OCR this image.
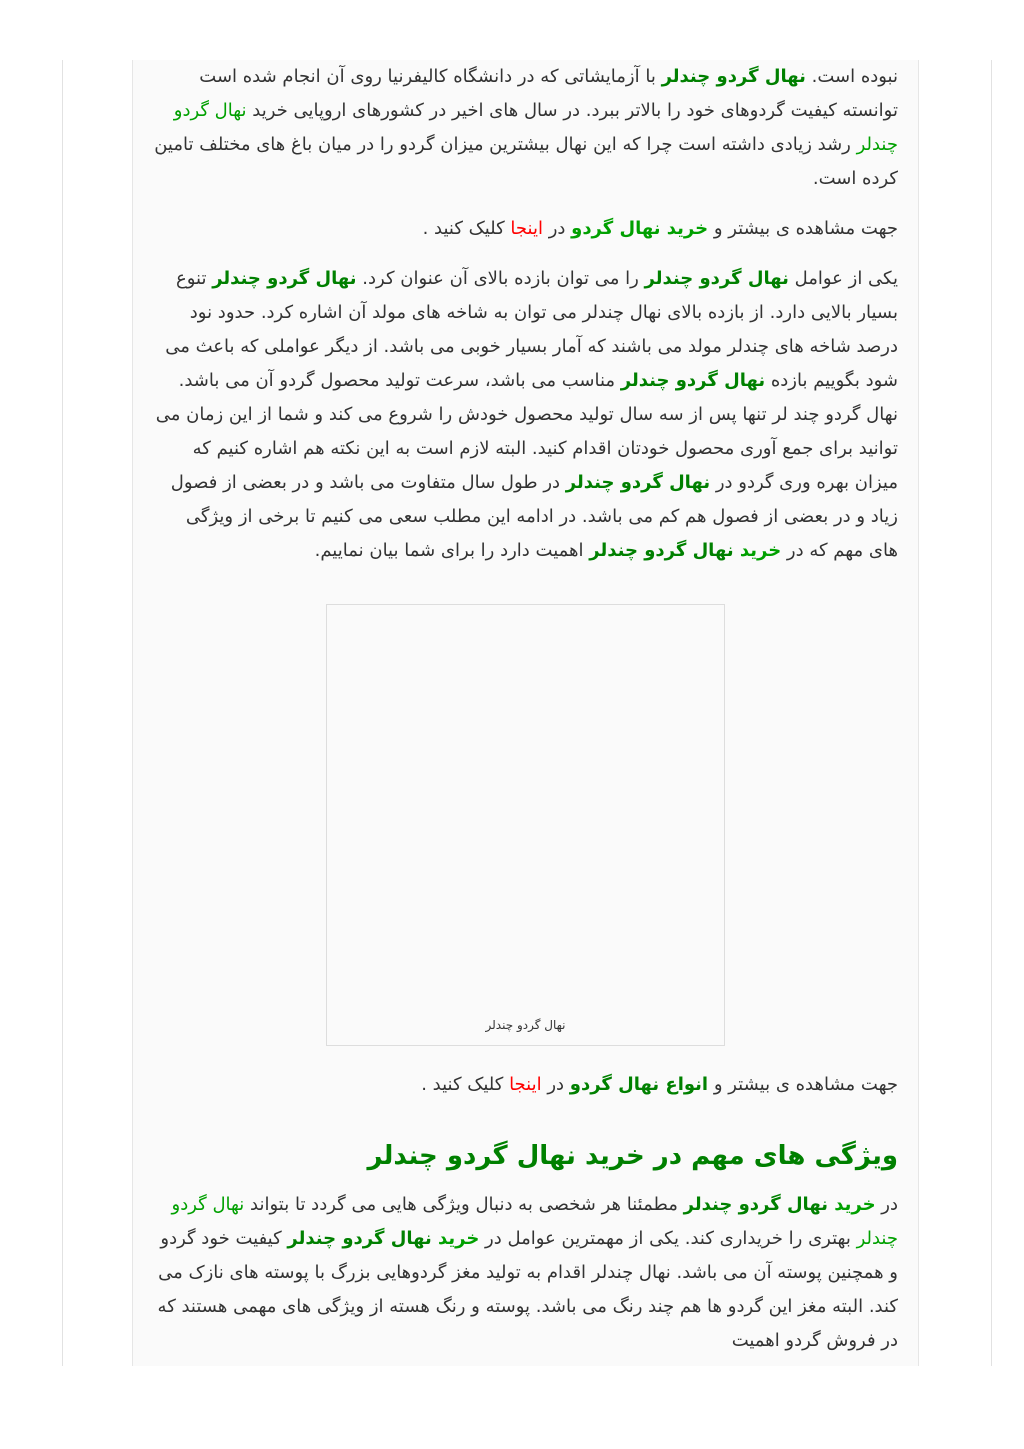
نبوده است. نهال گردو چندلر با آزمایشاتی که در دانشگاه کالیفرنیا روی آن انجام شده است توانسته کیفیت گردوهای خود را بالاتر ببرد. در سال های اخیر در کشورهای اروپایی خرید نهال گردو چندلر رشد زیادی داشته است چرا که این نهال بیشترین میزان گردو را در میان باغ های مختلف تامین کرده است.

جهت مشاهده ی بیشتر و خرید نهال گردو در اینجا کلیک کنید .

یکی از عوامل نهال گردو چندلر را می توان بازده بالای آن عنوان کرد. نهال گردو چندلر تنوع بسیار بالایی دارد. از بازده بالای نهال چندلر می توان به شاخه های مولد آن اشاره کرد. حدود نود درصد شاخه های چندلر مولد می باشند که آمار بسیار خوبی می باشد. از دیگر عواملی که باعث می شود بگوییم بازده نهال گردو چندلر مناسب می باشد، سرعت تولید محصول گردو آن می باشد. نهال گردو چند لر تنها پس از سه سال تولید محصول خودش را شروع می کند و شما از این زمان می توانید برای جمع آوری محصول خودتان اقدام کنید. البته لازم است به این نکته هم اشاره کنیم که میزان بهره وری گردو در نهال گردو چندلر در طول سال متفاوت می باشد و در بعضی از فصول زیاد و در بعضی از فصول هم کم می باشد. در ادامه این مطلب سعی می کنیم تا برخی از ویژگی های مهم که در خرید نهال گردو چندلر اهمیت دارد را برای شما بیان نماییم.

نهال گردو چندلر

جهت مشاهده ی بیشتر و انواع نهال گردو در اینجا کلیک کنید .

ویژگی های مهم در خرید نهال گردو چندلر

در خرید نهال گردو چندلر مطمئنا هر شخصی به دنبال ویژگی هایی می گردد تا بتواند نهال گردو چندلر بهتری را خریداری کند. یکی از مهمترین عوامل در خرید نهال گردو چندلر کیفیت خود گردو و همچنین پوسته آن می باشد. نهال چندلر اقدام به تولید مغز گردوهایی بزرگ با پوسته های نازک می کند. البته مغز این گردو ها هم چند رنگ می باشد. پوسته و رنگ هسته از ویژگی های مهمی هستند که در فروش گردو اهمیت
